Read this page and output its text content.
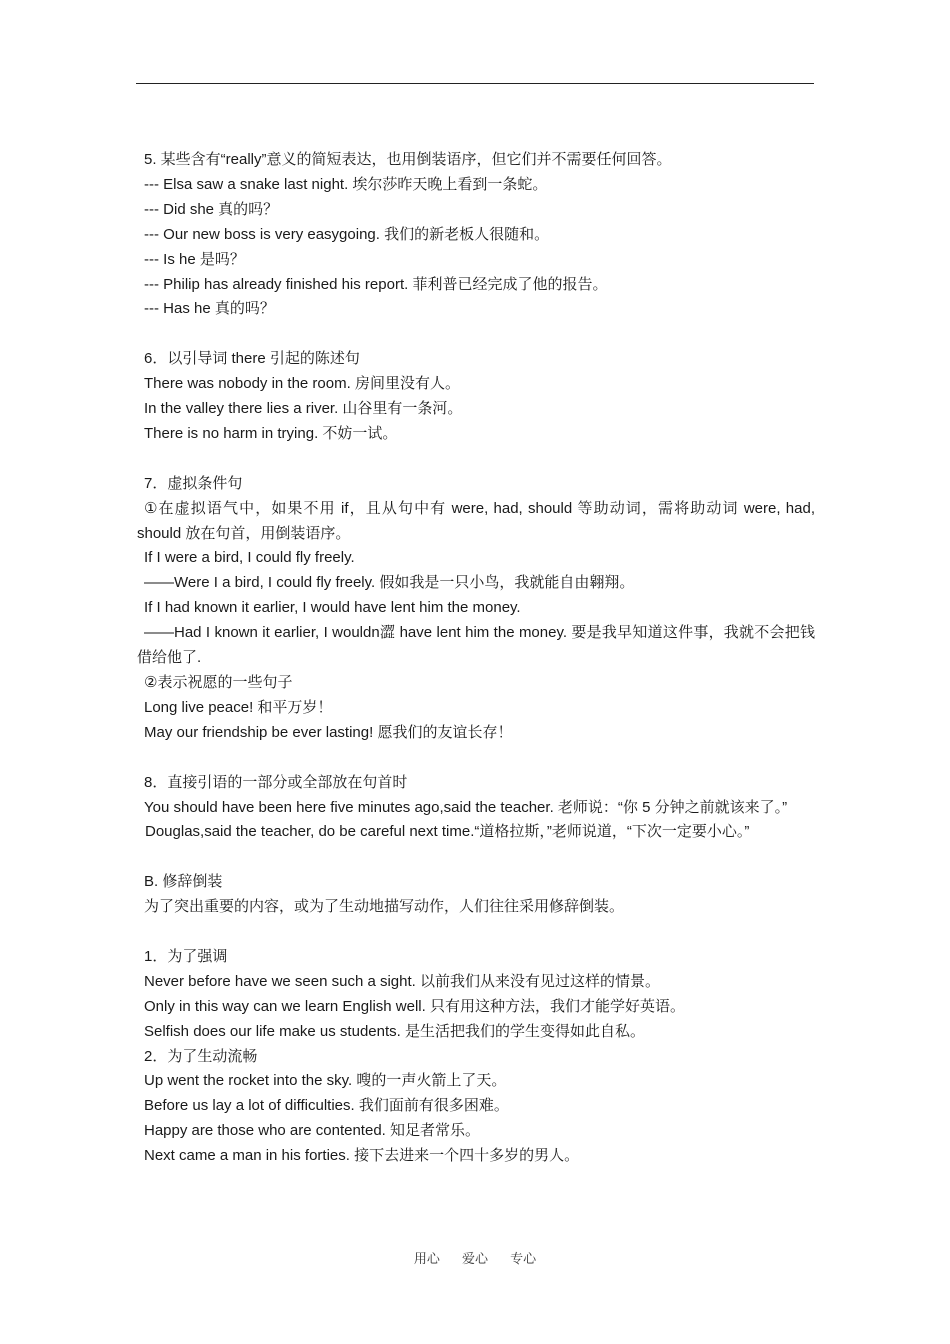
5. 某些含有“really”意义的简短表达，也用倒装语序，但它们并不需要任何回答。

--- Elsa saw a snake last night. 埃尔莎昨天晚上看到一条蛇。

--- Did she 真的吗？

--- Our new boss is very easygoing. 我们的新老板人很随和。

--- Is he 是吗？

--- Philip has already finished his report. 菲利普已经完成了他的报告。

--- Has he 真的吗？

6．以引导词 there 引起的陈述句

There was nobody in the room. 房间里没有人。

In the valley there lies a river. 山谷里有一条河。

There is no harm in trying. 不妨一试。

7．虚拟条件句

①在虚拟语气中，如果不用 if，且从句中有 were, had, should 等助动词，需将助动词 were, had, should 放在句首，用倒装语序。

If I were a bird, I could fly freely.

——Were I a bird, I could fly freely. 假如我是一只小鸟，我就能自由翱翔。

If I had known it earlier, I would have lent him the money.

——Had I known it earlier, I wouldn澀 have lent him the money. 要是我早知道这件事，我就不会把钱借给他了.

②表示祝愿的一些句子

Long live peace! 和平万岁！

May our friendship be ever lasting! 愿我们的友谊长存！

8．直接引语的一部分或全部放在句首时

You should have been here five minutes ago,said the teacher. 老师说：“你 5 分钟之前就该来了。”

Douglas,said the teacher, do be careful next time.“道格拉斯，”老师说道，“下次一定要小心。”

B. 修辞倒装

为了突出重要的内容，或为了生动地描写动作，人们往往采用修辞倒装。

1．为了强调

Never before have we seen such a sight. 以前我们从来没有见过这样的情景。

Only in this way can we learn English well. 只有用这种方法，我们才能学好英语。

Selfish does our life make us students. 是生活把我们的学生变得如此自私。

2．为了生动流畅

Up went the rocket into the sky. 嗖的一声火箭上了天。

Before us lay a lot of difficulties. 我们面前有很多困难。

Happy are those who are contented. 知足者常乐。

Next came a man in his forties. 接下去进来一个四十多岁的男人。

用心 爱心 专心
